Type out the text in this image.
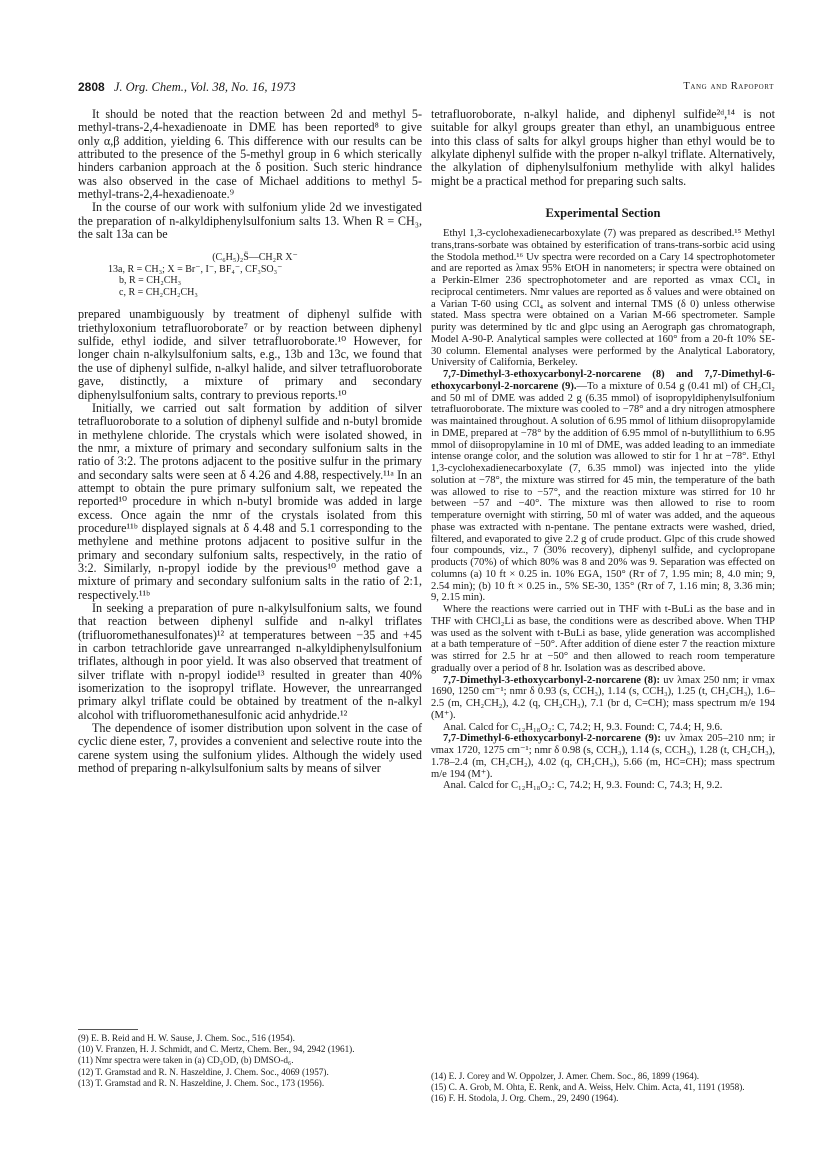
2808 J. Org. Chem., Vol. 38, No. 16, 1973	Tang and Rapoport

It should be noted that the reaction between 2d and methyl 5-methyl-trans-2,4-hexadienoate in DME has been reported⁸ to give only α,β addition, yielding 6. This difference with our results can be attributed to the presence of the 5-methyl group in 6 which sterically hinders carbanion approach at the δ position. Such steric hindrance was also observed in the case of Michael additions to methyl 5-methyl-trans-2,4-hexadienoate.⁹

In the course of our work with sulfonium ylide 2d we investigated the preparation of n-alkyldiphenylsulfonium salts 13. When R = CH₃, the salt 13a can be

(C₆H₅)₂S̈—CH₂R X⁻
13a, R = CH₃; X = Br⁻, I⁻, BF₄⁻, CF₃SO₃⁻
b, R = CH₂CH₃
c, R = CH₂CH₂CH₃

prepared unambiguously by treatment of diphenyl sulfide with triethyloxonium tetrafluoroborate⁷ or by reaction between diphenyl sulfide, ethyl iodide, and silver tetrafluoroborate.¹⁰ However, for longer chain n-alkylsulfonium salts, e.g., 13b and 13c, we found that the use of diphenyl sulfide, n-alkyl halide, and silver tetrafluoroborate gave, distinctly, a mixture of primary and secondary diphenylsulfonium salts, contrary to previous reports.¹⁰

Initially, we carried out salt formation by addition of silver tetrafluoroborate to a solution of diphenyl sulfide and n-butyl bromide in methylene chloride. The crystals which were isolated showed, in the nmr, a mixture of primary and secondary sulfonium salts in the ratio of 3:2. The protons adjacent to the positive sulfur in the primary and secondary salts were seen at δ 4.26 and 4.88, respectively.¹¹ᵃ In an attempt to obtain the pure primary sulfonium salt, we repeated the reported¹⁰ procedure in which n-butyl bromide was added in large excess. Once again the nmr of the crystals isolated from this procedure¹¹ᵇ displayed signals at δ 4.48 and 5.1 corresponding to the methylene and methine protons adjacent to positive sulfur in the primary and secondary sulfonium salts, respectively, in the ratio of 3:2. Similarly, n-propyl iodide by the previous¹⁰ method gave a mixture of primary and secondary sulfonium salts in the ratio of 2:1, respectively.¹¹ᵇ

In seeking a preparation of pure n-alkylsulfonium salts, we found that reaction between diphenyl sulfide and n-alkyl triflates (trifluoromethanesulfonates)¹² at temperatures between −35 and +45 in carbon tetrachloride gave unrearranged n-alkyldiphenylsulfonium triflates, although in poor yield. It was also observed that treatment of silver triflate with n-propyl iodide¹³ resulted in greater than 40% isomerization to the isopropyl triflate. However, the unrearranged primary alkyl triflate could be obtained by treatment of the n-alkyl alcohol with trifluoromethanesulfonic acid anhydride.¹²

The dependence of isomer distribution upon solvent in the case of cyclic diene ester, 7, provides a convenient and selective route into the carene system using the sulfonium ylides. Although the widely used method of preparing n-alkylsulfonium salts by means of silver

tetrafluoroborate, n-alkyl halide, and diphenyl sulfide²ᵈ,¹⁴ is not suitable for alkyl groups greater than ethyl, an unambiguous entree into this class of salts for alkyl groups higher than ethyl would be to alkylate diphenyl sulfide with the proper n-alkyl triflate. Alternatively, the alkylation of diphenylsulfonium methylide with alkyl halides might be a practical method for preparing such salts.

Experimental Section

Ethyl 1,3-cyclohexadienecarboxylate (7) was prepared as described.¹⁵ Methyl trans,trans-sorbate was obtained by esterification of trans-trans-sorbic acid using the Stodola method.¹⁶ Uv spectra were recorded on a Cary 14 spectrophotometer and are reported as λmax 95% EtOH in nanometers; ir spectra were obtained on a Perkin-Elmer 236 spectrophotometer and are reported as νmax CCl₄ in reciprocal centimeters. Nmr values are reported as δ values and were obtained on a Varian T-60 using CCl₄ as solvent and internal TMS (δ 0) unless otherwise stated. Mass spectra were obtained on a Varian M-66 spectrometer. Sample purity was determined by tlc and glpc using an Aerograph gas chromatograph, Model A-90-P. Analytical samples were collected at 160° from a 20-ft 10% SE-30 column. Elemental analyses were performed by the Analytical Laboratory, University of California, Berkeley.

7,7-Dimethyl-3-ethoxycarbonyl-2-norcarene (8) and 7,7-Dimethyl-6-ethoxycarbonyl-2-norcarene (9).—To a mixture of 0.54 g (0.41 ml) of CH₂Cl₂ and 50 ml of DME was added 2 g (6.35 mmol) of isopropyldiphenylsulfonium tetrafluoroborate. The mixture was cooled to −78° and a dry nitrogen atmosphere was maintained throughout. A solution of 6.95 mmol of lithium diisopropylamide in DME, prepared at −78° by the addition of 6.95 mmol of n-butyllithium to 6.95 mmol of diisopropylamine in 10 ml of DME, was added leading to an immediate intense orange color, and the solution was allowed to stir for 1 hr at −78°. Ethyl 1,3-cyclohexadienecarboxylate (7, 6.35 mmol) was injected into the ylide solution at −78°, the mixture was stirred for 45 min, the temperature of the bath was allowed to rise to −57°, and the reaction mixture was stirred for 10 hr between −57 and −40°. The mixture was then allowed to rise to room temperature overnight with stirring, 50 ml of water was added, and the aqueous phase was extracted with n-pentane. The pentane extracts were washed, dried, filtered, and evaporated to give 2.2 g of crude product. Glpc of this crude showed four compounds, viz., 7 (30% recovery), diphenyl sulfide, and cyclopropane products (70%) of which 80% was 8 and 20% was 9. Separation was effected on columns (a) 10 ft × 0.25 in. 10% EGA, 150° (Rт of 7, 1.95 min; 8, 4.0 min; 9, 2.54 min); (b) 10 ft × 0.25 in., 5% SE-30, 135° (Rт of 7, 1.16 min; 8, 3.36 min; 9, 2.15 min).

Where the reactions were carried out in THF with t-BuLi as the base and in THF with CHCl₂Li as base, the conditions were as described above. When THP was used as the solvent with t-BuLi as base, ylide generation was accomplished at a bath temperature of −50°. After addition of diene ester 7 the reaction mixture was stirred for 2.5 hr at −50° and then allowed to reach room temperature gradually over a period of 8 hr. Isolation was as described above.

7,7-Dimethyl-3-ethoxycarbonyl-2-norcarene (8): uv λmax 250 nm; ir νmax 1690, 1250 cm⁻¹; nmr δ 0.93 (s, CCH₃), 1.14 (s, CCH₃), 1.25 (t, CH₂CH₃), 1.6–2.5 (m, CH₂CH₂), 4.2 (q, CH₂CH₃), 7.1 (br d, C=CH); mass spectrum m/e 194 (M⁺).

Anal. Calcd for C₁₂H₁₈O₂: C, 74.2; H, 9.3. Found: C, 74.4; H, 9.6.

7,7-Dimethyl-6-ethoxycarbonyl-2-norcarene (9): uv λmax 205–210 nm; ir νmax 1720, 1275 cm⁻¹; nmr δ 0.98 (s, CCH₃), 1.14 (s, CCH₃), 1.28 (t, CH₂CH₃), 1.78–2.4 (m, CH₂CH₂), 4.02 (q, CH₂CH₃), 5.66 (m, HC=CH); mass spectrum m/e 194 (M⁺).

Anal. Calcd for C₁₂H₁₈O₂: C, 74.2; H, 9.3. Found: C, 74.3; H, 9.2.

(9) E. B. Reid and H. W. Sause, J. Chem. Soc., 516 (1954).

(10) V. Franzen, H. J. Schmidt, and C. Mertz, Chem. Ber., 94, 2942 (1961).

(11) Nmr spectra were taken in (a) CD₃OD, (b) DMSO-d₆.

(12) T. Gramstad and R. N. Haszeldine, J. Chem. Soc., 4069 (1957).

(13) T. Gramstad and R. N. Haszeldine, J. Chem. Soc., 173 (1956).

(14) E. J. Corey and W. Oppolzer, J. Amer. Chem. Soc., 86, 1899 (1964).

(15) C. A. Grob, M. Ohta, E. Renk, and A. Weiss, Helv. Chim. Acta, 41, 1191 (1958).

(16) F. H. Stodola, J. Org. Chem., 29, 2490 (1964).
